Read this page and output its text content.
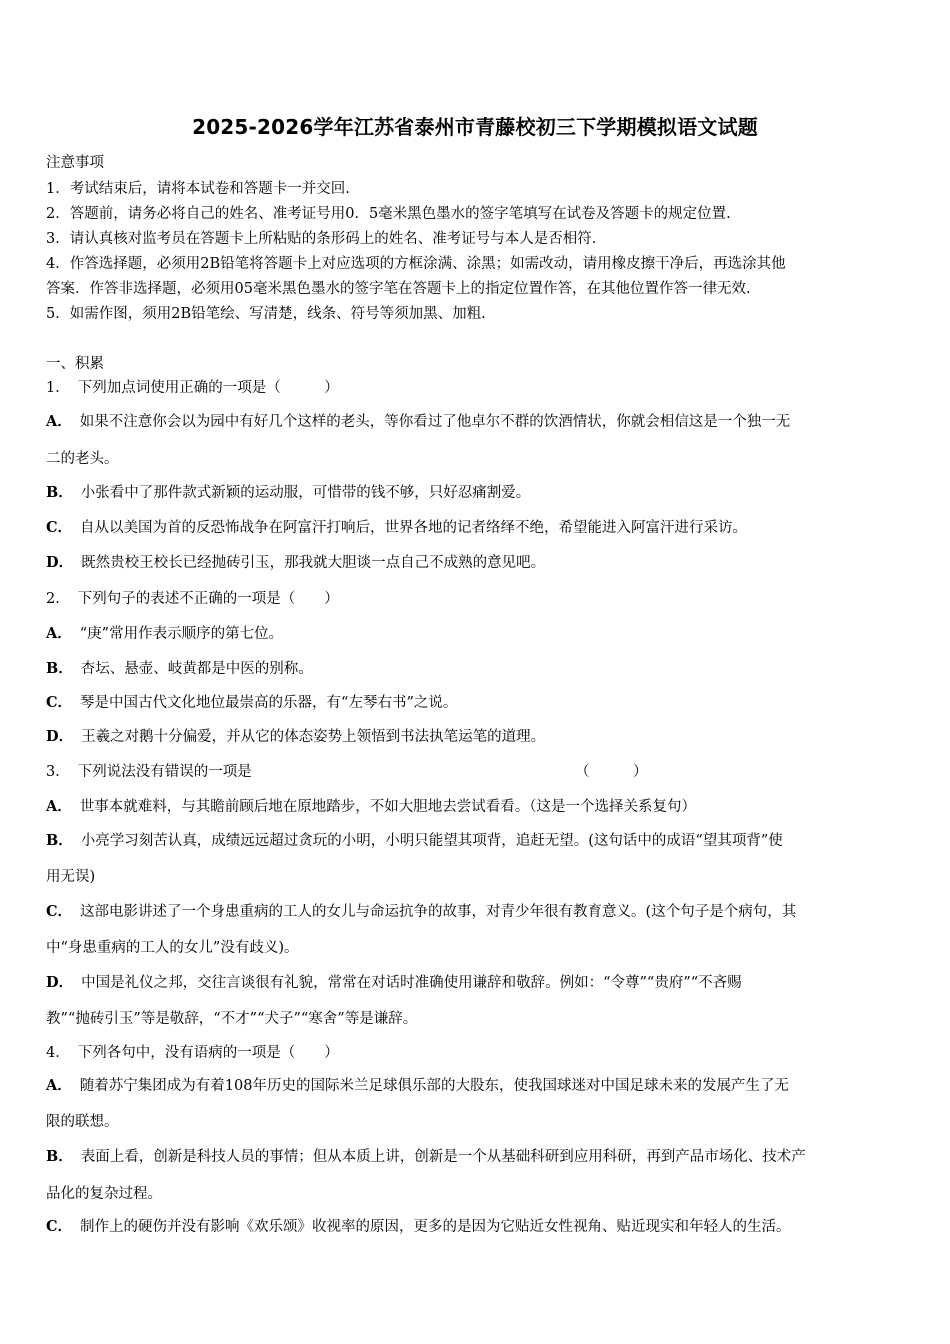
2025-2026学年江苏省泰州市青藤校初三下学期模拟语文试题
注意事项
1．考试结束后，请将本试卷和答题卡一并交回.
2．答题前，请务必将自己的姓名、准考证号用0．5毫米黑色墨水的签字笔填写在试卷及答题卡的规定位置.
3．请认真核对监考员在答题卡上所粘贴的条形码上的姓名、准考证号与本人是否相符.
4．作答选择题，必须用2B铅笔将答题卡上对应选项的方框涂满、涂黑；如需改动，请用橡皮擦干净后，再选涂其他
答案．作答非选择题，必须用05毫米黑色墨水的签字笔在答题卡上的指定位置作答，在其他位置作答一律无效.
5．如需作图，须用2B铅笔绘、写清楚，线条、符号等须加黑、加粗.
一、积累
1． 下列加点词使用正确的一项是（　　　）
A． 如果不注意你会以为园中有好几个这样的老头，等你看过了他卓尔不群的饮酒情状，你就会相信这是一个独一无
二的老头。
B． 小张看中了那件款式新颖的运动服，可惜带的钱不够，只好忍痛割爱。
C． 自从以美国为首的反恐怖战争在阿富汗打响后，世界各地的记者络绎不绝，希望能进入阿富汗进行采访。
D． 既然贵校王校长已经抛砖引玉，那我就大胆谈一点自己不成熟的意见吧。
2． 下列句子的表述不正确的一项是（　　）
A． “庚”常用作表示顺序的第七位。
B． 杏坛、悬壶、岐黄都是中医的别称。
C． 琴是中国古代文化地位最崇高的乐器，有“左琴右书”之说。
D． 王羲之对鹅十分偏爱，并从它的体态姿势上领悟到书法执笔运笔的道理。
3． 下列说法没有错误的一项是	（　　　）
A． 世事本就难料，与其瞻前顾后地在原地踏步，不如大胆地去尝试看看。（这是一个选择关系复句）
B． 小亮学习刻苦认真，成绩远远超过贪玩的小明，小明只能望其项背，追赶无望。(这句话中的成语“望其项背”使
用无误)
C． 这部电影讲述了一个身患重病的工人的女儿与命运抗争的故事，对青少年很有教育意义。(这个句子是个病句，其
中“身患重病的工人的女儿”没有歧义)。
D． 中国是礼仪之邦，交往言谈很有礼貌，常常在对话时准确使用谦辞和敬辞。例如：“令尊”“贵府”“不吝赐
教”“抛砖引玉”等是敬辞，“不才”“犬子”“寒舍”等是谦辞。
4． 下列各句中，没有语病的一项是（　　）
A． 随着苏宁集团成为有着108年历史的国际米兰足球俱乐部的大股东，使我国球迷对中国足球未来的发展产生了无
限的联想。
B． 表面上看，创新是科技人员的事情；但从本质上讲，创新是一个从基础科研到应用科研，再到产品市场化、技术产
品化的复杂过程。
C． 制作上的硬伤并没有影响《欢乐颂》收视率的原因，更多的是因为它贴近女性视角、贴近现实和年轻人的生活。
